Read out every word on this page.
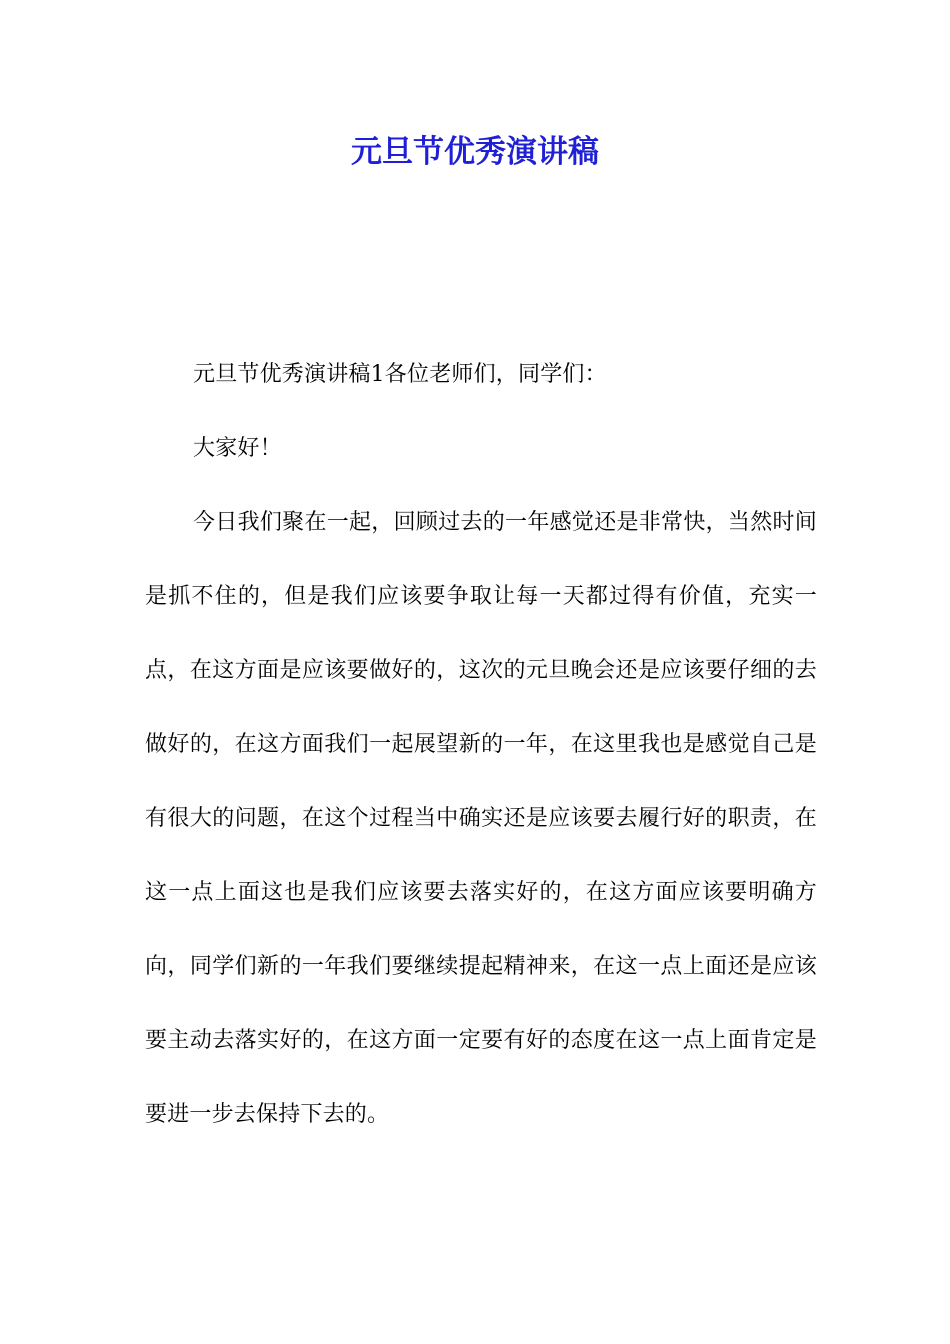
元旦节优秀演讲稿

元旦节优秀演讲稿1各位老师们，同学们：

大家好！

今日我们聚在一起，回顾过去的一年感觉还是非常快，当然时间是抓不住的，但是我们应该要争取让每一天都过得有价值，充实一点，在这方面是应该要做好的，这次的元旦晚会还是应该要仔细的去做好的，在这方面我们一起展望新的一年，在这里我也是感觉自己是有很大的问题，在这个过程当中确实还是应该要去履行好的职责，在这一点上面这也是我们应该要去落实好的，在这方面应该要明确方向，同学们新的一年我们要继续提起精神来，在这一点上面还是应该要主动去落实好的，在这方面一定要有好的态度在这一点上面肯定是要进一步去保持下去的。
